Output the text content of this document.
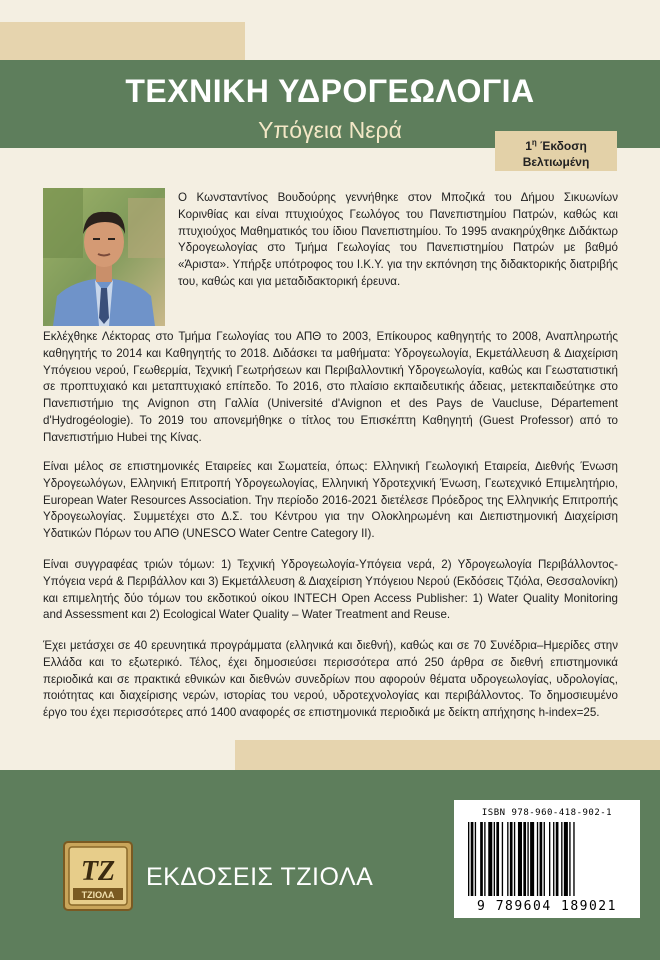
ΤΕΧΝΙΚΗ ΥΔΡΟΓΕΩΛΟΓΙΑ
Υπόγεια Νερά
$1^\eta$ Έκδοση
Βελτιωμένη

Ο Κωνσταντίνος Βουδούρης γεννήθηκε στον Μποζικά του Δήμου Σικυωνίων Κορινθίας και είναι πτυχιούχος Γεωλόγος του Πανεπιστημίου Πατρών, καθώς και πτυχιούχος Μαθηματικός του ίδιου Πανεπιστημίου. Το 1995 ανακηρύχθηκε Διδάκτωρ Υδρογεωλογίας στο Τμήμα Γεωλογίας του Πανεπιστημίου Πατρών με βαθμό «Άριστα». Υπήρξε υπότροφος του Ι.Κ.Υ. για την εκπόνηση της διδακτορικής διατριβής του, καθώς και για μεταδιδακτορική έρευνα.

Εκλέχθηκε Λέκτορας στο Τμήμα Γεωλογίας του ΑΠΘ το 2003, Επίκουρος καθηγητής το 2008, Αναπληρωτής καθηγητής το 2014 και Καθηγητής το 2018. Διδάσκει τα μαθήματα: Υδρογεωλογία, Εκμετάλλευση & Διαχείριση Υπόγειου νερού, Γεωθερμία, Τεχνική Γεωτρήσεων και Περιβαλλοντική Υδρογεωλογία, καθώς και Γεωστατιστική σε προπτυχιακό και μεταπτυχιακό επίπεδο. Το 2016, στο πλαίσιο εκπαιδευτικής άδειας, μετεκπαιδεύτηκε στο Πανεπιστήμιο της Avignon στη Γαλλία (Université d'Avignon et des Pays de Vaucluse, Département d'Hydrogéologie). Το 2019 του απονεμήθηκε ο τίτλος του Επισκέπτη Καθηγητή (Guest Professor) από το Πανεπιστήμιο Hubei της Κίνας.

Είναι μέλος σε επιστημονικές Εταιρείες και Σωματεία, όπως: Ελληνική Γεωλογική Εταιρεία, Διεθνής Ένωση Υδρογεωλόγων, Ελληνική Επιτροπή Υδρογεωλογίας, Ελληνική Υδροτεχνική Ένωση, Γεωτεχνικό Επιμελητήριο, European Water Resources Association. Την περίοδο 2016-2021 διετέλεσε Πρόεδρος της Ελληνικής Επιτροπής Υδρογεωλογίας. Συμμετέχει στο Δ.Σ. του Κέντρου για την Ολοκληρωμένη και Διεπιστημονική Διαχείριση Υδατικών Πόρων του ΑΠΘ (UNESCO Water Centre Category II).

Είναι συγγραφέας τριών τόμων: 1) Τεχνική Υδρογεωλογία-Υπόγεια νερά, 2) Υδρογεωλογία Περιβάλλοντος-Υπόγεια νερά & Περιβάλλον και 3) Εκμετάλλευση & Διαχείριση Υπόγειου Νερού (Εκδόσεις Τζιόλα, Θεσσαλονίκη) και επιμελητής δύο τόμων του εκδοτικού οίκου INTECH Open Access Publisher: 1) Water Quality Monitoring and Assessment και 2) Ecological Water Quality – Water Treatment and Reuse.

Έχει μετάσχει σε 40 ερευνητικά προγράμματα (ελληνικά και διεθνή), καθώς και σε 70 Συνέδρια–Ημερίδες στην Ελλάδα και το εξωτερικό. Τέλος, έχει δημοσιεύσει περισσότερα από 250 άρθρα σε διεθνή επιστημονικά περιοδικά και σε πρακτικά εθνικών και διεθνών συνεδρίων που αφορούν θέματα υδρογεωλογίας, υδρολογίας, ποιότητας και διαχείρισης νερών, ιστορίας του νερού, υδροτεχνολογίας και περιβάλλοντος. Το δημοσιευμένο έργο του έχει περισσότερες από 1400 αναφορές σε επιστημονικά περιοδικά με δείκτη απήχησης h-index=25.

ΤΖ
ΤΖΙΟΛΑ
ΕΚΔΟΣΕΙΣ ΤΖΙΟΛΑ
ISBN 978-960-418-902-1
9 789604 189021
